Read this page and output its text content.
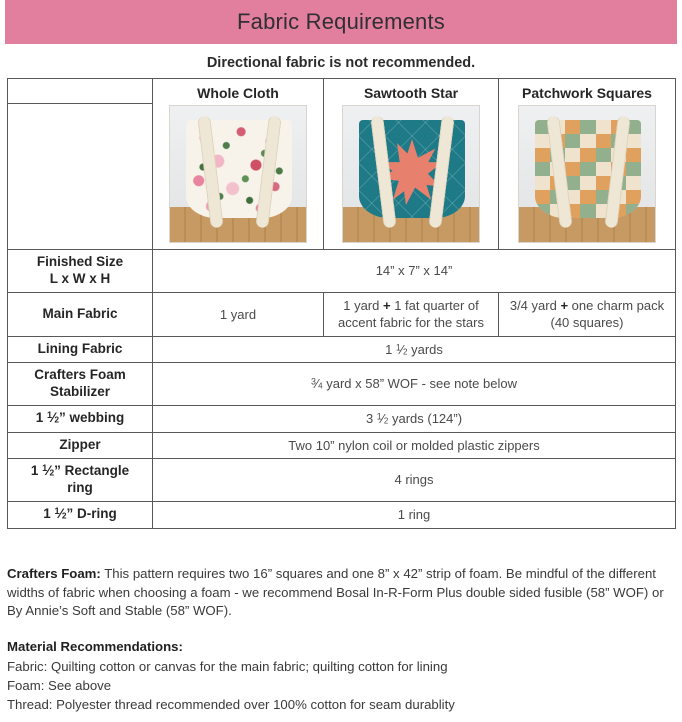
Fabric Requirements
Directional fabric is not recommended.
	Whole Cloth	Sawtooth Star	Patchwork Squares

Finished Size
L x W x H	14” x 7” x 14”		
Main Fabric	1 yard	1 yard + 1 fat quarter of accent fabric for the stars	3/4 yard + one charm pack (40 squares)
Lining Fabric	1 $^1$⁄2 yards		

Crafters Foam
Stabilizer	$^3$⁄4 yard x 58” WOF - see note below		
1 $^1$⁄2” webbing	3 $^1$⁄2 yards (124”)		
Zipper	Two 10” nylon coil or molded plastic zippers		

1 $^1$⁄2” Rectangle
ring	4 rings		
1 $^1$⁄2” D-ring	1 ring		
Crafters Foam: This pattern requires two 16” squares and one 8” x 42” strip of foam. Be mindful of the different widths of fabric when choosing a foam - we recommend Bosal In-R-Form Plus double sided fusible (58” WOF) or By Annie’s Soft and Stable (58” WOF).
Material Recommendations:
Fabric: Quilting cotton or canvas for the main fabric; quilting cotton for lining
Foam: See above
Thread: Polyester thread recommended over 100% cotton for seam durablity
